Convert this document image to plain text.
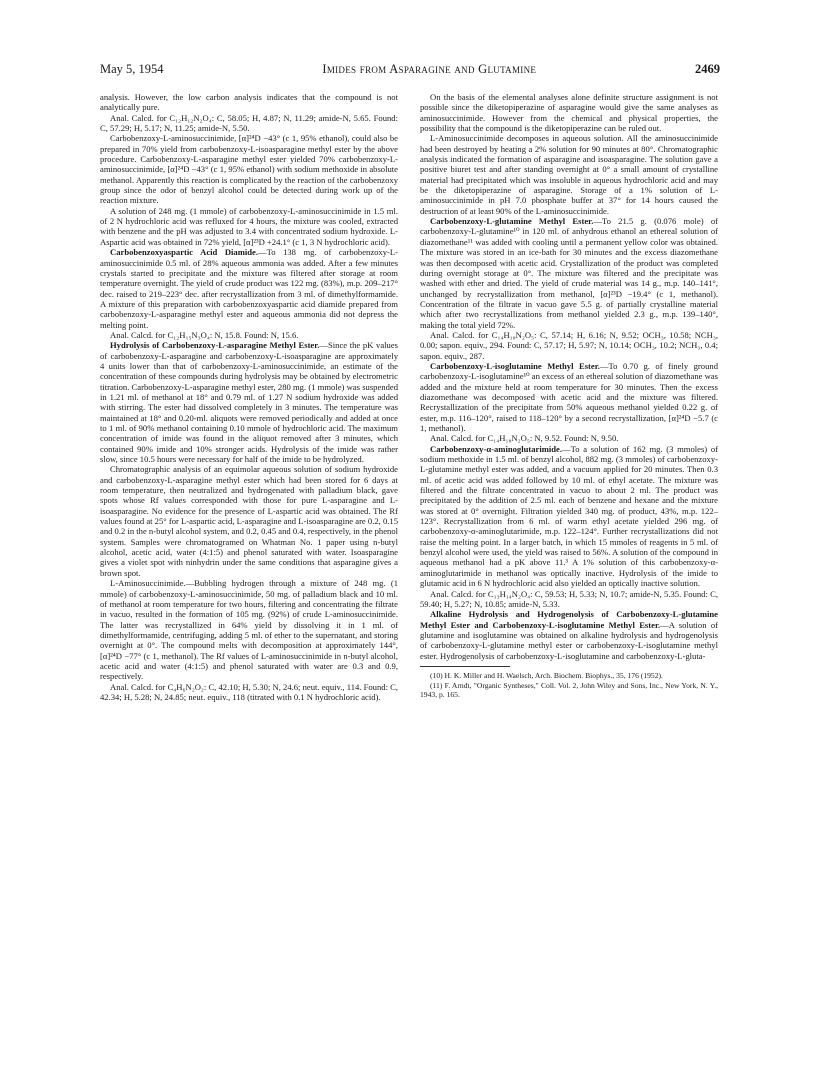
May 5, 1954	Imides from Asparagine and Glutamine	2469

analysis. However, the low carbon analysis indicates that the compound is not analytically pure.

Anal. Calcd. for C₁₂H₁₂N₂O₄: C, 58.05; H, 4.87; N, 11.29; amide-N, 5.65. Found: C, 57.29; H, 5.17; N, 11.25; amide-N, 5.50.

Carbobenzoxy-L-aminosuccinimide, [α]²⁴D −43° (c 1, 95% ethanol), could also be prepared in 70% yield from carbobenzoxy-L-isoasparagine methyl ester by the above procedure. Carbobenzoxy-L-asparagine methyl ester yielded 70% carbobenzoxy-L-aminosuccinimide, [α]²⁴D −43° (c 1, 95% ethanol) with sodium methoxide in absolute methanol. Apparently this reaction is complicated by the reaction of the carbobenzoxy group since the odor of benzyl alcohol could be detected during work up of the reaction mixture.

A solution of 248 mg. (1 mmole) of carbobenzoxy-L-aminosuccinimide in 1.5 ml. of 2 N hydrochloric acid was refluxed for 4 hours, the mixture was cooled, extracted with benzene and the pH was adjusted to 3.4 with concentrated sodium hydroxide. L-Aspartic acid was obtained in 72% yield, [α]²³D +24.1° (c 1, 3 N hydrochloric acid).

Carbobenzoxyaspartic Acid Diamide.—To 138 mg. of carbobenzoxy-L-aminosuccinimide 0.5 ml. of 28% aqueous ammonia was added. After a few minutes crystals started to precipitate and the mixture was filtered after storage at room temperature overnight. The yield of crude product was 122 mg. (83%), m.p. 209–217° dec. raised to 219–223° dec. after recrystallization from 3 ml. of dimethylformamide. A mixture of this preparation with carbobenzoxyaspartic acid diamide prepared from carbobenzoxy-L-asparagine methyl ester and aqueous ammonia did not depress the melting point.

Anal. Calcd. for C₁₂H₁₅N₃O₄: N, 15.8. Found: N, 15.6.

Hydrolysis of Carbobenzoxy-L-asparagine Methyl Ester.—Since the pK values of carbobenzoxy-L-asparagine and carbobenzoxy-L-isoasparagine are approximately 4 units lower than that of carbobenzoxy-L-aminosuccinimide, an estimate of the concentration of these compounds during hydrolysis may be obtained by electrometric titration. Carbobenzoxy-L-asparagine methyl ester, 280 mg. (1 mmole) was suspended in 1.21 ml. of methanol at 18° and 0.79 ml. of 1.27 N sodium hydroxide was added with stirring. The ester had dissolved completely in 3 minutes. The temperature was maintained at 18° and 0.20-ml. aliquots were removed periodically and added at once to 1 ml. of 90% methanol containing 0.10 mmole of hydrochloric acid. The maximum concentration of imide was found in the aliquot removed after 3 minutes, which contained 90% imide and 10% stronger acids. Hydrolysis of the imide was rather slow, since 10.5 hours were necessary for half of the imide to be hydrolyzed.

Chromatographic analysis of an equimolar aqueous solution of sodium hydroxide and carbobenzoxy-L-asparagine methyl ester which had been stored for 6 days at room temperature, then neutralized and hydrogenated with palladium black, gave spots whose Rf values corresponded with those for pure L-asparagine and L-isoasparagine. No evidence for the presence of L-aspartic acid was obtained. The Rf values found at 25° for L-aspartic acid, L-asparagine and L-isoasparagine are 0.2, 0.15 and 0.2 in the n-butyl alcohol system, and 0.2, 0.45 and 0.4, respectively, in the phenol system. Samples were chromatogramed on Whatman No. 1 paper using n-butyl alcohol, acetic acid, water (4:1:5) and phenol saturated with water. Isoasparagine gives a violet spot with ninhydrin under the same conditions that asparagine gives a brown spot.

L-Aminosuccinimide.—Bubbling hydrogen through a mixture of 248 mg. (1 mmole) of carbobenzoxy-L-aminosuccinimide, 50 mg. of palladium black and 10 ml. of methanol at room temperature for two hours, filtering and concentrating the filtrate in vacuo, resulted in the formation of 105 mg. (92%) of crude L-aminosuccinimide. The latter was recrystallized in 64% yield by dissolving it in 1 ml. of dimethylformamide, centrifuging, adding 5 ml. of ether to the supernatant, and storing overnight at 0°. The compound melts with decomposition at approximately 144°, [α]²⁴D −77° (c 1, methanol). The Rf values of L-aminosuccinimide in n-butyl alcohol, acetic acid and water (4:1:5) and phenol saturated with water are 0.3 and 0.9, respectively.

Anal. Calcd. for C₄H₆N₂O₂: C, 42.10; H, 5.30; N, 24.6; neut. equiv., 114. Found: C, 42.34; H, 5.28; N, 24.85; neut. equiv., 118 (titrated with 0.1 N hydrochloric acid).

On the basis of the elemental analyses alone definite structure assignment is not possible since the diketopiperazine of asparagine would give the same analyses as aminosuccinimide. However from the chemical and physical properties, the possibility that the compound is the diketopiperazine can be ruled out.

L-Aminosuccinimide decomposes in aqueous solution. All the aminosuccinimide had been destroyed by heating a 2% solution for 90 minutes at 80°. Chromatographic analysis indicated the formation of asparagine and isoasparagine. The solution gave a positive biuret test and after standing overnight at 0° a small amount of crystalline material had precipitated which was insoluble in aqueous hydrochloric acid and may be the diketopiperazine of asparagine. Storage of a 1% solution of L-aminosuccinimide in pH 7.0 phosphate buffer at 37° for 14 hours caused the destruction of at least 90% of the L-aminosuccinimide.

Carbobenzoxy-L-glutamine Methyl Ester.—To 21.5 g. (0.076 mole) of carbobenzoxy-L-glutamine¹⁰ in 120 ml. of anhydrous ethanol an ethereal solution of diazomethane¹¹ was added with cooling until a permanent yellow color was obtained. The mixture was stored in an ice-bath for 30 minutes and the excess diazomethane was then decomposed with acetic acid. Crystallization of the product was completed during overnight storage at 0°. The mixture was filtered and the precipitate was washed with ether and dried. The yield of crude material was 14 g., m.p. 140–141°, unchanged by recrystallization from methanol, [α]²³D −19.4° (c 1, methanol). Concentration of the filtrate in vacuo gave 5.5 g. of partially crystalline material which after two recrystallizations from methanol yielded 2.3 g., m.p. 139–140°, making the total yield 72%.

Anal. Calcd. for C₁₄H₁₈N₂O₅: C, 57.14; H, 6.16; N, 9.52; OCH₃, 10.58; NCH₃, 0.00; sapon. equiv., 294. Found: C, 57.17; H, 5.97; N, 10.14; OCH₃, 10.2; NCH₃, 0.4; sapon. equiv., 287.

Carbobenzoxy-L-isoglutamine Methyl Ester.—To 0.70 g. of finely ground carbobenzoxy-L-isoglutamine¹⁰ an excess of an ethereal solution of diazomethane was added and the mixture held at room temperature for 30 minutes. Then the excess diazomethane was decomposed with acetic acid and the mixture was filtered. Recrystallization of the precipitate from 50% aqueous methanol yielded 0.22 g. of ester, m.p. 116–120°, raised to 118–120° by a second recrystallization, [α]²⁴D −5.7 (c 1, methanol).

Anal. Calcd. for C₁₄H₁₈N₂O₅: N, 9.52. Found: N, 9.50.

Carbobenzoxy-α-aminoglutarimide.—To a solution of 162 mg. (3 mmoles) of sodium methoxide in 1.5 ml. of benzyl alcohol, 882 mg. (3 mmoles) of carbobenzoxy-L-glutamine methyl ester was added, and a vacuum applied for 20 minutes. Then 0.3 ml. of acetic acid was added followed by 10 ml. of ethyl acetate. The mixture was filtered and the filtrate concentrated in vacuo to about 2 ml. The product was precipitated by the addition of 2.5 ml. each of benzene and hexane and the mixture was stored at 0° overnight. Filtration yielded 340 mg. of product, 43%, m.p. 122–123°. Recrystallization from 6 ml. of warm ethyl acetate yielded 296 mg. of carbobenzoxy-α-aminoglutarimide, m.p. 122–124°. Further recrystallizations did not raise the melting point. In a larger batch, in which 15 mmoles of reagents in 5 ml. of benzyl alcohol were used, the yield was raised to 56%. A solution of the compound in aqueous methanol had a pK above 11.³ A 1% solution of this carbobenzoxy-α-aminoglutarimide in methanol was optically inactive. Hydrolysis of the imide to glutamic acid in 6 N hydrochloric acid also yielded an optically inactive solution.

Anal. Calcd. for C₁₃H₁₄N₂O₄: C, 59.53; H, 5.33; N, 10.7; amide-N, 5.35. Found: C, 59.40; H, 5.27; N, 10.85; amide-N, 5.33.

Alkaline Hydrolysis and Hydrogenolysis of Carbobenzoxy-L-glutamine Methyl Ester and Carbobenzoxy-L-isoglutamine Methyl Ester.—A solution of glutamine and isoglutamine was obtained on alkaline hydrolysis and hydrogenolysis of carbobenzoxy-L-glutamine methyl ester or carbobenzoxy-L-isoglutamine methyl ester. Hydrogenolysis of carbobenzoxy-L-isoglutamine and carbobenzoxy-L-gluta-

(10) H. K. Miller and H. Waelsch, Arch. Biochem. Biophys., 35, 176 (1952).

(11) F. Arndt, "Organic Syntheses," Coll. Vol. 2, John Wiley and Sons, Inc., New York, N. Y., 1943, p. 165.
